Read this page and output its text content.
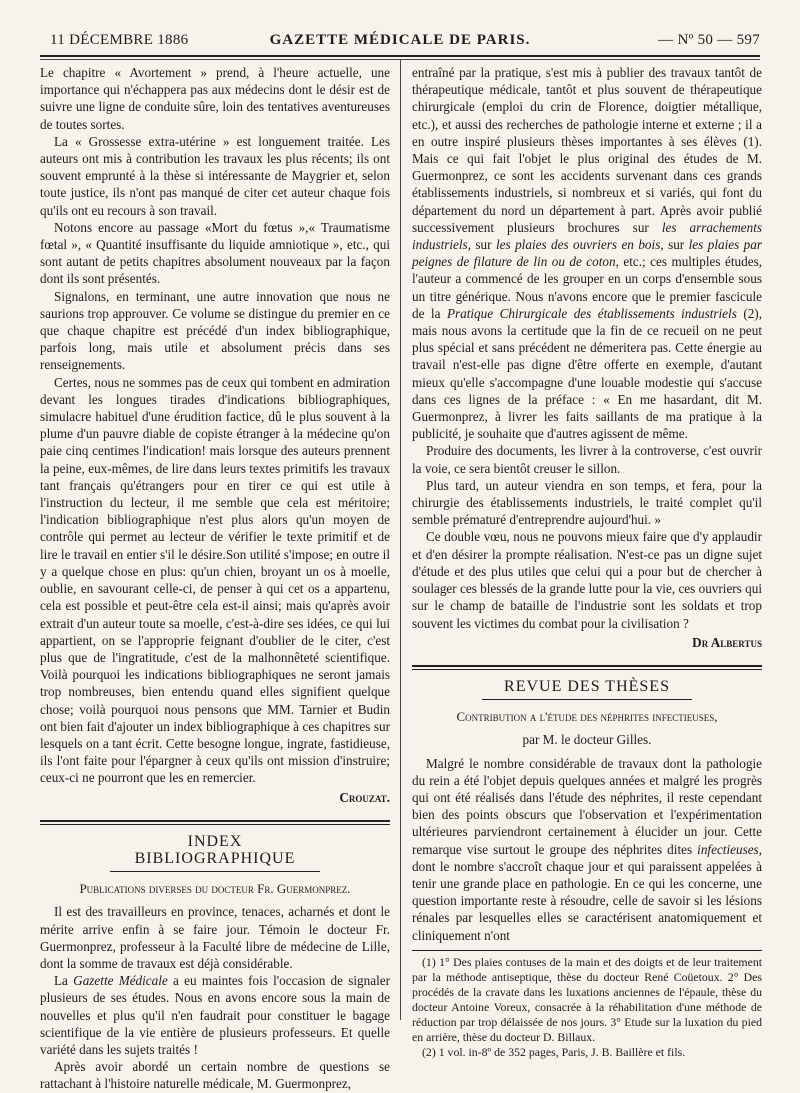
11 DÉCEMBRE 1886	GAZETTE MÉDICALE DE PARIS.	— Nº 50 — 597

Le chapitre « Avortement » prend, à l'heure actuelle, une importance qui n'échappera pas aux médecins dont le désir est de suivre une ligne de conduite sûre, loin des tentatives aventureuses de toutes sortes.

La « Grossesse extra-utérine » est longuement traitée. Les auteurs ont mis à contribution les travaux les plus récents; ils ont souvent emprunté à la thèse si intéressante de Maygrier et, selon toute justice, ils n'ont pas manqué de citer cet auteur chaque fois qu'ils ont eu recours à son travail.

Notons encore au passage «Mort du fœtus »,« Traumatisme fœtal », « Quantité insuffisante du liquide amniotique », etc., qui sont autant de petits chapitres absolument nouveaux par la façon dont ils sont présentés.

Signalons, en terminant, une autre innovation que nous ne saurions trop approuver. Ce volume se distingue du premier en ce que chaque chapitre est précédé d'un index bibliographique, parfois long, mais utile et absolument précis dans ses renseignements.

Certes, nous ne sommes pas de ceux qui tombent en admiration devant les longues tirades d'indications bibliographiques, simulacre habituel d'une érudition factice, dû le plus souvent à la plume d'un pauvre diable de copiste étranger à la médecine qu'on paie cinq centimes l'indication! mais lorsque des auteurs prennent la peine, eux-mêmes, de lire dans leurs textes primitifs les travaux tant français qu'étrangers pour en tirer ce qui est utile à l'instruction du lecteur, il me semble que cela est méritoire; l'indication bibliographique n'est plus alors qu'un moyen de contrôle qui permet au lecteur de vérifier le texte primitif et de lire le travail en entier s'il le désire.Son utilité s'impose; en outre il y a quelque chose en plus: qu'un chien, broyant un os à moelle, oublie, en savourant celle-ci, de penser à qui cet os a appartenu, cela est possible et peut-être cela est-il ainsi; mais qu'après avoir extrait d'un auteur toute sa moelle, c'est-à-dire ses idées, ce qui lui appartient, on se l'approprie feignant d'oublier de le citer, c'est plus que de l'ingratitude, c'est de la malhonnêteté scientifique. Voilà pourquoi les indications bibliographiques ne seront jamais trop nombreuses, bien entendu quand elles signifient quelque chose; voilà pourquoi nous pensons que MM. Tarnier et Budin ont bien fait d'ajouter un index bibliographique à ces chapitres sur lesquels on a tant écrit. Cette besogne longue, ingrate, fastidieuse, ils l'ont faite pour l'épargner à ceux qu'ils ont mission d'instruire; ceux-ci ne pourront que les en remercier.

Crouzat.
INDEX BIBLIOGRAPHIQUE
Publications diverses du docteur Fr. Guermonprez.

Il est des travailleurs en province, tenaces, acharnés et dont le mérite arrive enfin à se faire jour. Témoin le docteur Fr. Guermonprez, professeur à la Faculté libre de médecine de Lille, dont la somme de travaux est déjà considérable.

La Gazette Médicale a eu maintes fois l'occasion de signaler plusieurs de ses études. Nous en avons encore sous la main de nouvelles et plus qu'il n'en faudrait pour constituer le bagage scientifique de la vie entière de plusieurs professeurs. Et quelle variété dans les sujets traités !

Après avoir abordé un certain nombre de questions se rattachant à l'histoire naturelle médicale, M. Guermonprez,

entraîné par la pratique, s'est mis à publier des travaux tantôt de thérapeutique médicale, tantôt et plus souvent de thérapeutique chirurgicale (emploi du crin de Florence, doigtier métallique, etc.), et aussi des recherches de pathologie interne et externe ; il a en outre inspiré plusieurs thèses importantes à ses élèves (1). Mais ce qui fait l'objet le plus original des études de M. Guermonprez, ce sont les accidents survenant dans ces grands établissements industriels, si nombreux et si variés, qui font du département du nord un département à part. Après avoir publié successivement plusieurs brochures sur les arrachements industriels, sur les plaies des ouvriers en bois, sur les plaies par peignes de filature de lin ou de coton, etc.; ces multiples études, l'auteur a commencé de les grouper en un corps d'ensemble sous un titre générique. Nous n'avons encore que le premier fascicule de la Pratique Chirurgicale des établissements industriels (2), mais nous avons la certitude que la fin de ce recueil on ne peut plus spécial et sans précédent ne démeritera pas. Cette énergie au travail n'est-elle pas digne d'être offerte en exemple, d'autant mieux qu'elle s'accompagne d'une louable modestie qui s'accuse dans ces lignes de la préface : « En me hasardant, dit M. Guermonprez, à livrer les faits saillants de ma pratique à la publicité, je souhaite que d'autres agissent de même.

Produire des documents, les livrer à la controverse, c'est ouvrir la voie, ce sera bientôt creuser le sillon.

Plus tard, un auteur viendra en son temps, et fera, pour la chirurgie des établissements industriels, le traité complet qu'il semble prématuré d'entreprendre aujourd'hui. »

Ce double vœu, nous ne pouvons mieux faire que d'y applaudir et d'en désirer la prompte réalisation. N'est-ce pas un digne sujet d'étude et des plus utiles que celui qui a pour but de chercher à soulager ces blessés de la grande lutte pour la vie, ces ouvriers qui sur le champ de bataille de l'industrie sont les soldats et trop souvent les victimes du combat pour la civilisation ?

Dr Albertus
REVUE DES THÈSES
Contribution a l'étude des néphrites infectieuses,
par M. le docteur Gilles.

Malgré le nombre considérable de travaux dont la pathologie du rein a été l'objet depuis quelques années et malgré les progrès qui ont été réalisés dans l'étude des néphrites, il reste cependant bien des points obscurs que l'observation et l'expérimentation ultérieures parviendront certainement à élucider un jour. Cette remarque vise surtout le groupe des néphrites dites infectieuses, dont le nombre s'accroît chaque jour et qui paraissent appelées à tenir une grande place en pathologie. En ce qui les concerne, une question importante reste à résoudre, celle de savoir si les lésions rénales par lesquelles elles se caractérisent anatomiquement et cliniquement n'ont

(1) 1° Des plaies contuses de la main et des doigts et de leur traitement par la méthode antiseptique, thèse du docteur René Coüetoux. 2° Des procédés de la cravate dans les luxations anciennes de l'épaule, thèse du docteur Antoine Voreux, consacrée à la réhabilitation d'une méthode de réduction par trop délaissée de nos jours. 3° Etude sur la luxation du pied en arrière, thèse du docteur D. Billaux.

(2) 1 vol. in-8º de 352 pages, Paris, J. B. Baillère et fils.
